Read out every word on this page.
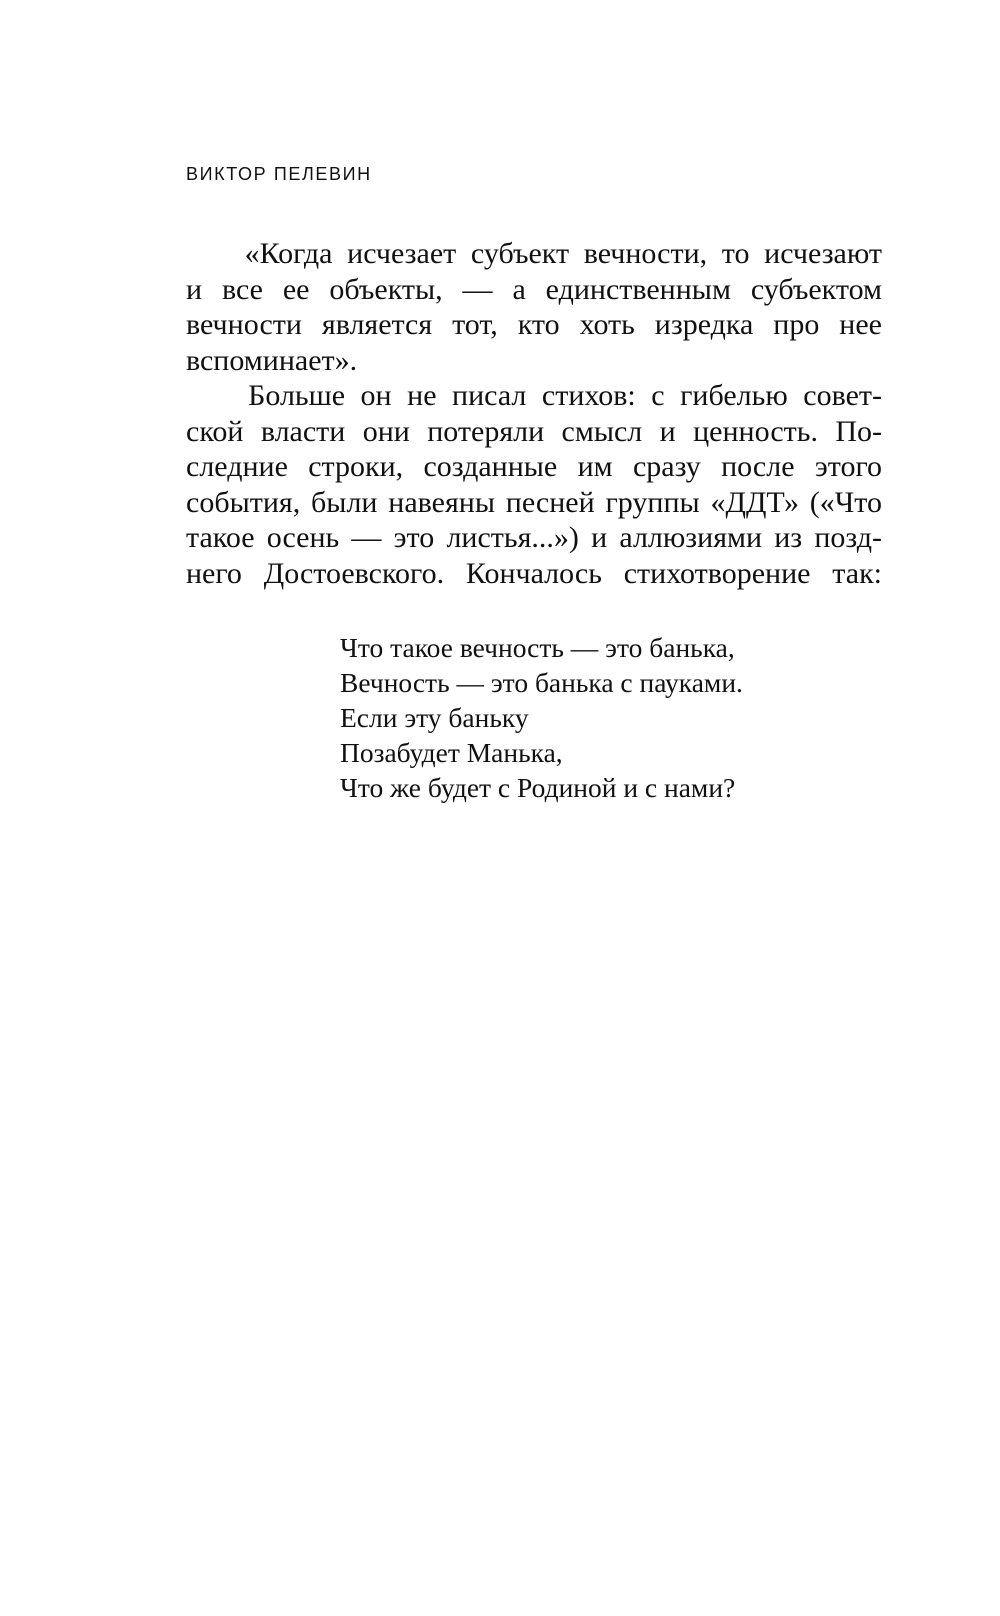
ВИКТОР ПЕЛЕВИН
«Когда исчезает субъект вечности, то исчезают
и все ее объекты, — а единственным субъектом
вечности является тот, кто хоть изредка про нее
вспоминает».
Больше он не писал стихов: с гибелью совет-
ской власти они потеряли смысл и ценность. По-
следние строки, созданные им сразу после этого
события, были навеяны песней группы «ДДТ» («Что
такое осень — это листья...») и аллюзиями из позд-
него Достоевского. Кончалось стихотворение так:
Что такое вечность — это банька,
Вечность — это банька с пауками.
Если эту баньку
Позабудет Манька,
Что же будет с Родиной и с нами?
